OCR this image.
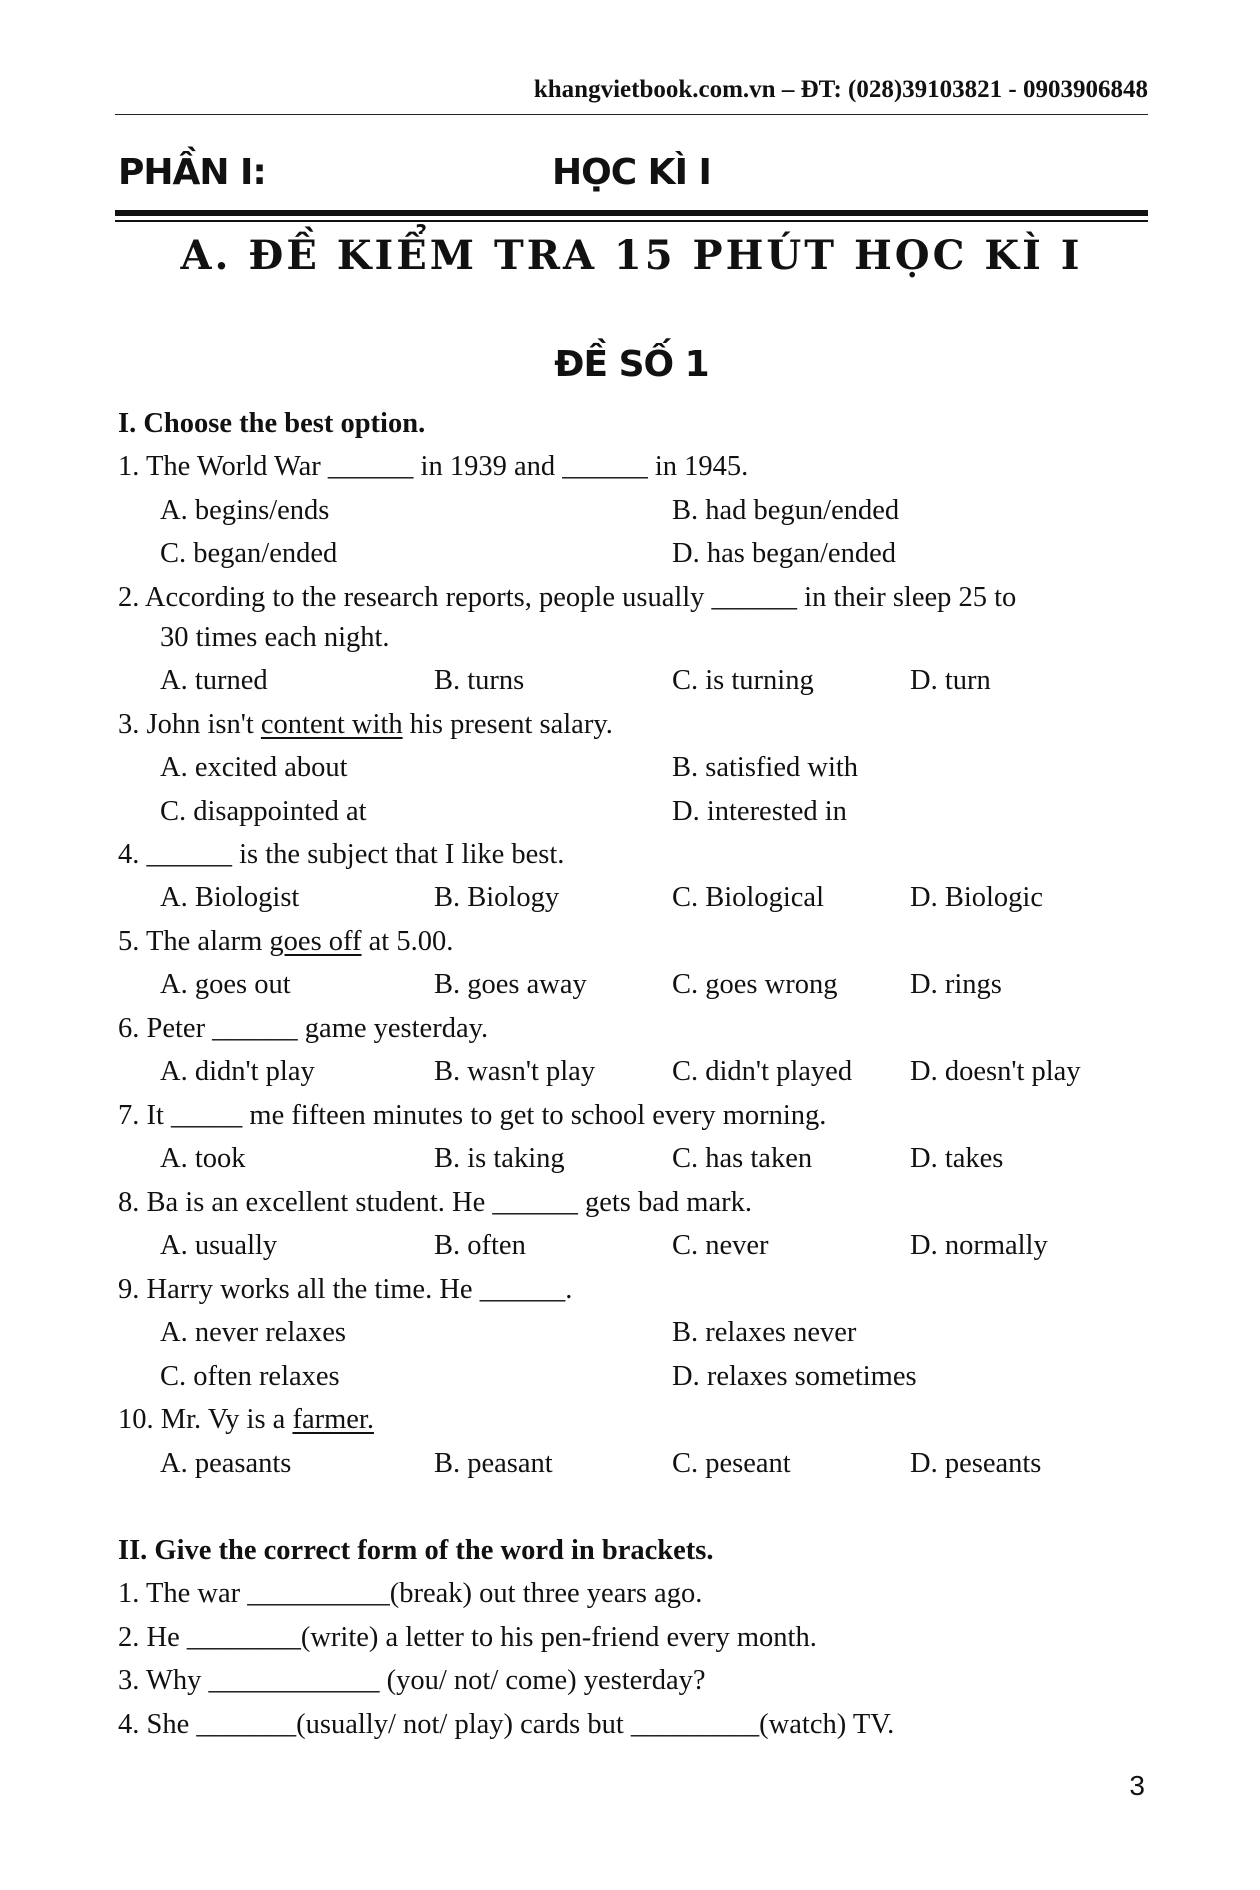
khangvietbook.com.vn – ĐT: (028)39103821 - 0903906848
PHẦN I:	HỌC KÌ I
A. ĐỀ KIỂM TRA 15 PHÚT HỌC KÌ I
ĐỀ SỐ 1
I. Choose the best option.
1. The World War ______ in 1939 and ______ in 1945.
A. begins/ends	B. had begun/ended
C. began/ended	D. has began/ended
2. According to the research reports, people usually ______ in their sleep 25 to
30 times each night.
A. turned	B. turns	C. is turning	D. turn
3. John isn't content with his present salary.
A. excited about	B. satisfied with
C. disappointed at	D. interested in
4. ______ is the subject that I like best.
A. Biologist	B. Biology	C. Biological	D. Biologic
5. The alarm goes off at 5.00.
A. goes out	B. goes away	C. goes wrong	D. rings
6. Peter ______ game yesterday.
A. didn't play	B. wasn't play	C. didn't played D. doesn't play
7. It _____ me fifteen minutes to get to school every morning.
A. took	B. is taking	C. has taken	D. takes
8. Ba is an excellent student. He ______ gets bad mark.
A. usually	B. often	C. never	D. normally
9. Harry works all the time. He ______.
A. never relaxes	B. relaxes never
C. often relaxes	D. relaxes sometimes
10. Mr. Vy is a farmer.
A. peasants	B. peasant	C. peseant	D. peseants
II. Give the correct form of the word in brackets.
1. The war __________(break) out three years ago.
2. He ________(write) a letter to his pen-friend every month.
3. Why ____________ (you/ not/ come) yesterday?
4. She _______(usually/ not/ play) cards but _________(watch) TV.
3
